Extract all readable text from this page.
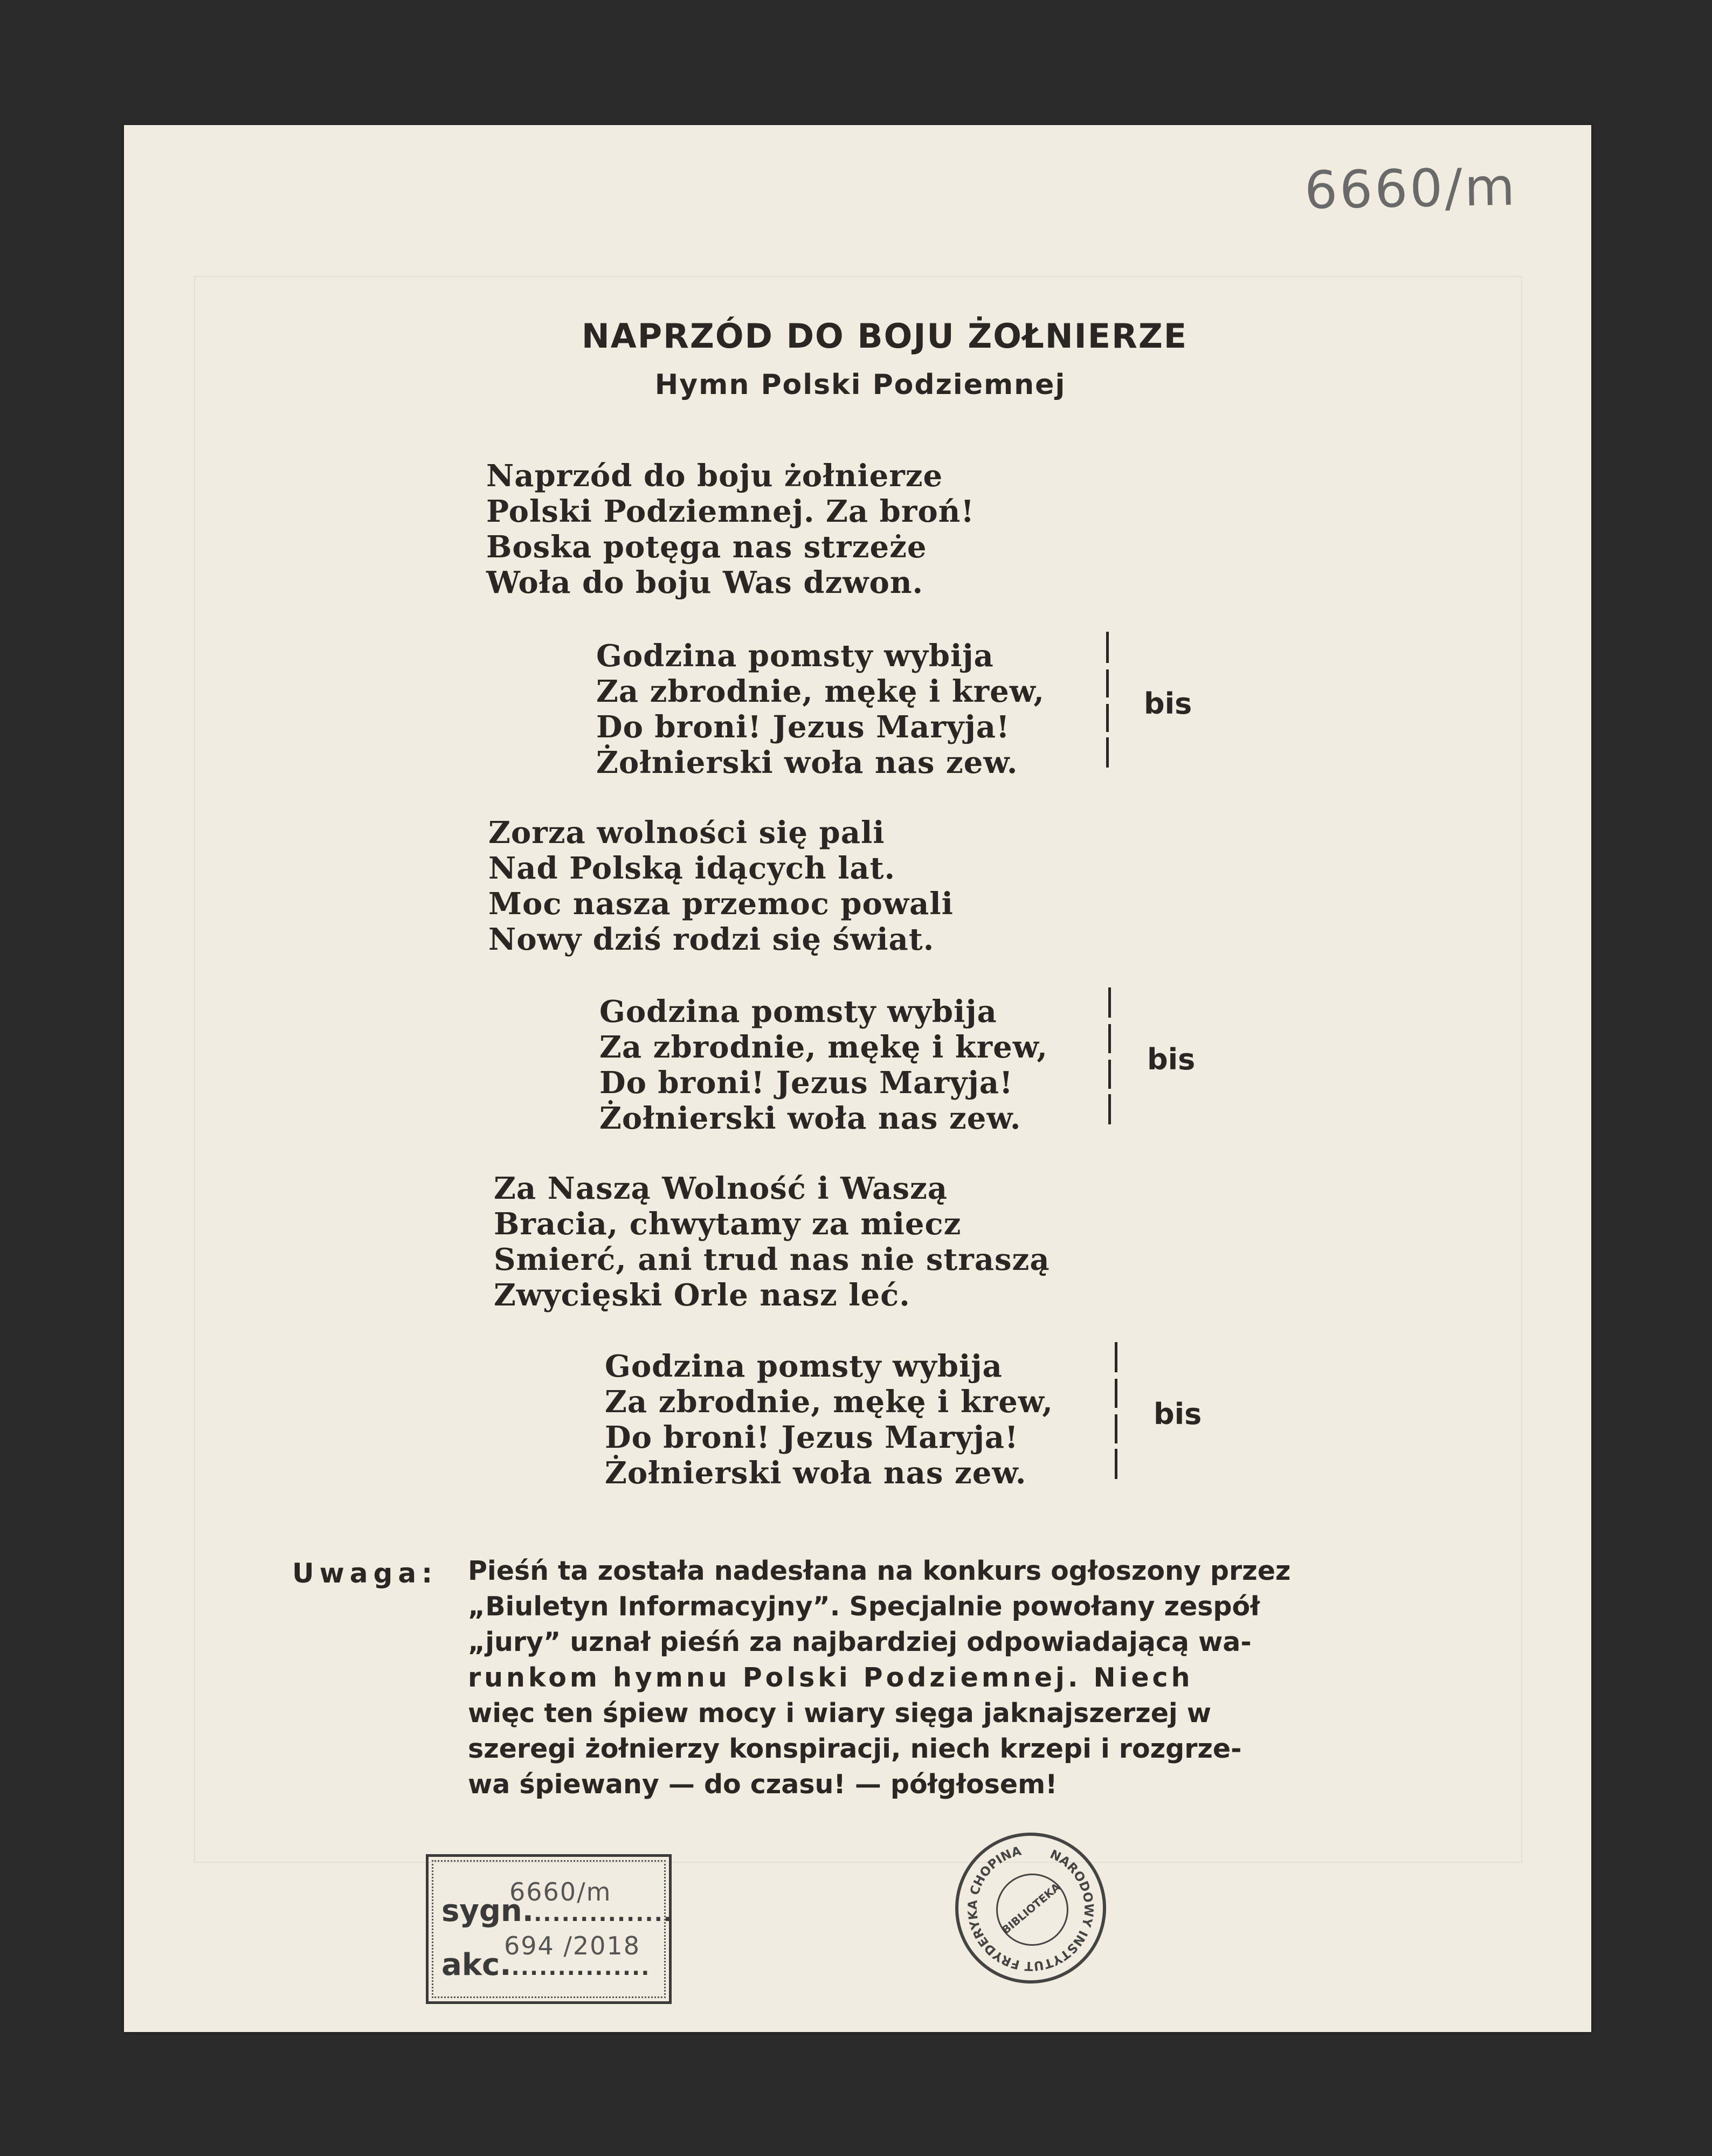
6660/m
NAPRZÓD DO BOJU ŻOŁNIERZE
Hymn Polski Podziemnej
Naprzód do boju żołnierze
Polski Podziemnej. Za broń!
Boska potęga nas strzeże
Woła do boju Was dzwon.
Godzina pomsty wybija
Za zbrodnie, mękę i krew,
Do broni! Jezus Maryja!
Żołnierski woła nas zew.
bis
Zorza wolności się pali
Nad Polską idących lat.
Moc nasza przemoc powali
Nowy dziś rodzi się świat.
Godzina pomsty wybija
Za zbrodnie, mękę i krew,
Do broni! Jezus Maryja!
Żołnierski woła nas zew.
bis
Za Naszą Wolność i Waszą
Bracia, chwytamy za miecz
Smierć, ani trud nas nie straszą
Zwycięski Orle nasz leć.
Godzina pomsty wybija
Za zbrodnie, mękę i krew,
Do broni! Jezus Maryja!
Żołnierski woła nas zew.
bis
Uwaga: Pieśń ta została nadesłana na konkurs ogłoszony przez
„Biuletyn Informacyjny”. Specjalnie powołany zespół
„jury” uznał pieśń za najbardziej odpowiadającą wa-
runkom hymnu Polski Podziemnej. Niech
więc ten śpiew mocy i wiary sięga jaknajszerzej w
szeregi żołnierzy konspiracji, niech krzepi i rozgrze-
wa śpiewany — do czasu! — półgłosem!
sygn................
6660/m
akc................
694 /2018
NARODOWY INSTYTUT FRYDERYKA CHOPINA
BIBLIOTEKA
